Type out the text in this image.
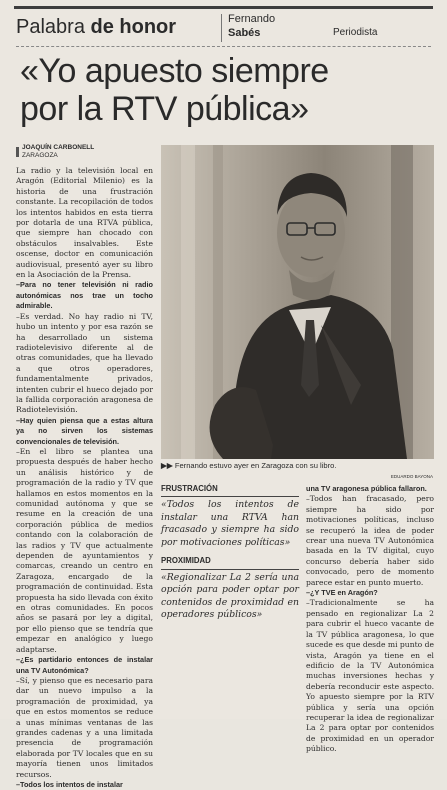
Palabra de honor	Fernando
Sabés	Periodista
«Yo apuesto siempre
por la RTV pública»
JOAQUÍN CARBONELL
ZARAGOZA

La radio y la televisión local en Aragón (Editorial Milenio) es la historia de una frustración constante. La recopilación de todos los intentos habidos en esta tierra por dotarla de una RTVA pública, que siempre han chocado con obstáculos insalvables. Este oscense, doctor en comunicación audiovisual, presentó ayer su libro en la Asociación de la Prensa.

–Para no tener televisión ni radio autonómicas nos trae un tocho admirable.

–Es verdad. No hay radio ni TV, hubo un intento y por esa razón se ha desarrollado un sistema radiotelevisivo diferente al de otras comunidades, que ha llevado a que otros operadores, fundamentalmente privados, intenten cubrir el hueco dejado por la fallida corporación aragonesa de Radiotelevisión.

–Hay quien piensa que a estas altura ya no sirven los sistemas convencionales de televisión.

–En el libro se plantea una propuesta después de haber hecho un análisis histórico y de programación de la radio y TV que hallamos en estos momentos en la comunidad autónoma y que se resume en la creación de una corporación pública de medios contando con la colaboración de las radios y TV que actualmente dependen de ayuntamientos y comarcas, creando un centro en Zaragoza, encargado de la programación de continuidad. Esta propuesta ha sido llevada con éxito en otras comunidades. En pocos años se pasará por ley a digital, por ello pienso que se tendría que empezar en analógico y luego adaptarse.

–¿Es partidario entonces de instalar una TV Autonómica?

–Sí, y pienso que es necesario para dar un nuevo impulso a la programación de proximidad, ya que en estos momentos se reduce a unas mínimas ventanas de las grandes cadenas y a una limitada presencia de programación elaborada por TV locales que en su mayoría tienen unos limitados recursos.

–Todos los intentos de instalar

▶▶ Fernando estuvo ayer en Zaragoza con su libro.
EDUARDO BAYONA
FRUSTRACIÓN

«Todos los intentos de instalar una RTVA han fracasado y siempre ha sido por motivaciones políticas»

PROXIMIDAD

«Regionalizar La 2 sería una opción para poder optar por contenidos de proximidad en operadores públicos»

una TV aragonesa pública fallaron.

–Todos han fracasado, pero siempre ha sido por motivaciones políticas, incluso se recuperó la idea de poder crear una nueva TV Autonómica basada en la TV digital, cuyo concurso debería haber sido convocado, pero de momento parece estar en punto muerto.

–¿Y TVE en Aragón?

–Tradicionalmente se ha pensado en regionalizar La 2 para cubrir el hueco vacante de la TV pública aragonesa, lo que sucede es que desde mi punto de vista, Aragón ya tiene en el edificio de la TV Autonómica muchas inversiones hechas y debería reconducir este aspecto. Yo apuesto siempre por la RTV pública y sería una opción recuperar la idea de regionalizar La 2 para optar por contenidos de proximidad en un operador público.
